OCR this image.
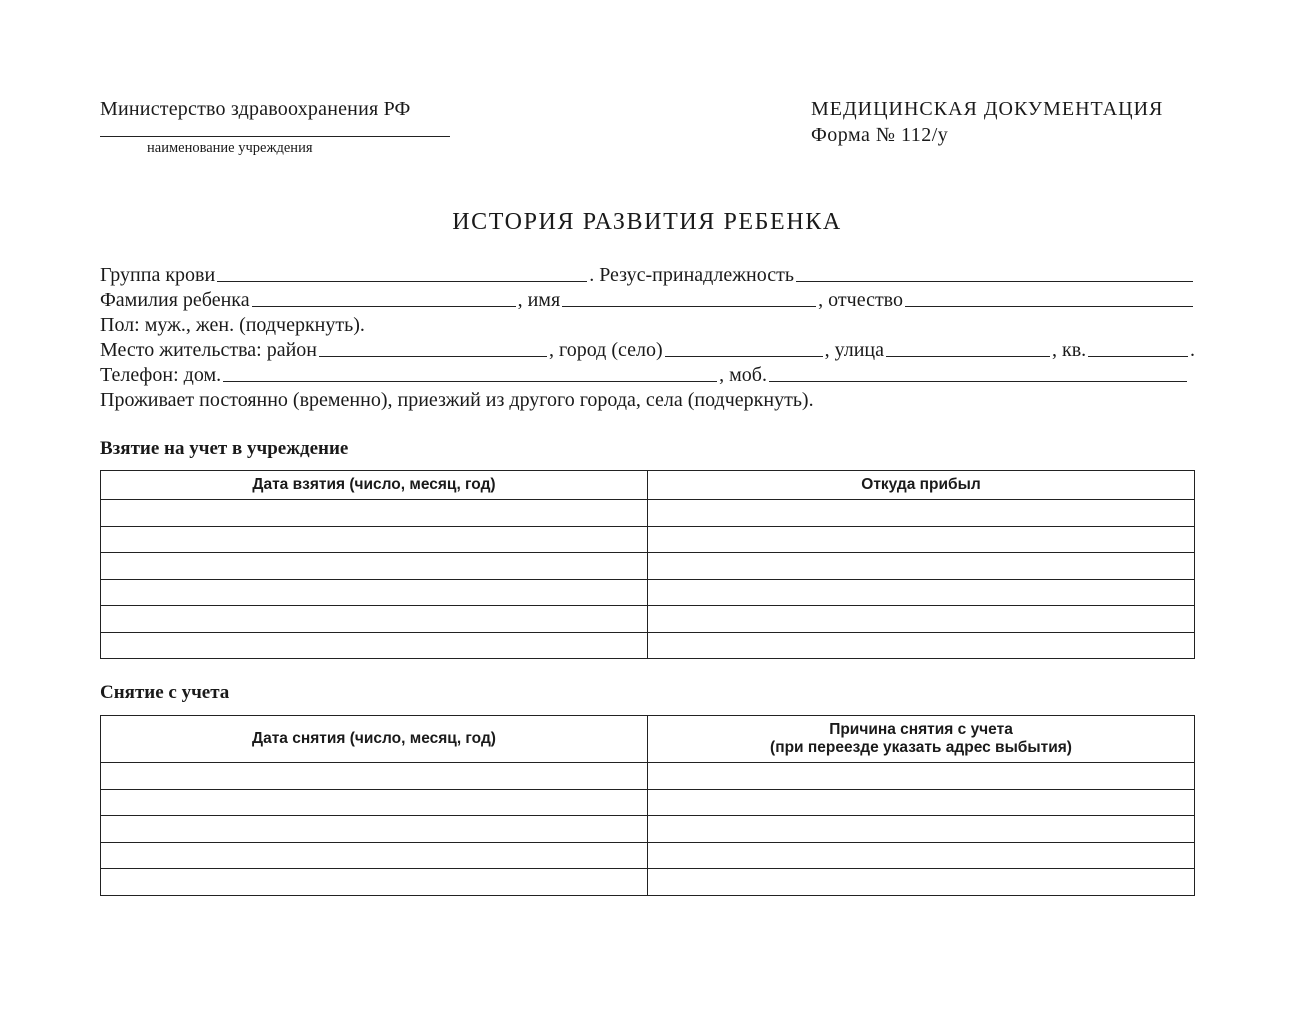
Министерство здравоохранения РФ
наименование учреждения
МЕДИЦИНСКАЯ ДОКУМЕНТАЦИЯ
Форма № 112/у
ИСТОРИЯ РАЗВИТИЯ РЕБЕНКА
Группа крови	. Резус-принадлежность
Фамилия ребенка	, имя	, отчество
Пол: муж., жен. (подчеркнуть).
Место жительства: район	, город (село)	, улица	, кв.	.
Телефон: дом.	, моб.
Проживает постоянно (временно), приезжий из другого города, села (подчеркнуть).
Взятие на учет в учреждение
Дата взятия (число, месяц, год)	Откуда прибыл

Снятие с учета
Дата снятия (число, месяц, год)	Причина снятия с учета
(при переезде указать адрес выбытия)
